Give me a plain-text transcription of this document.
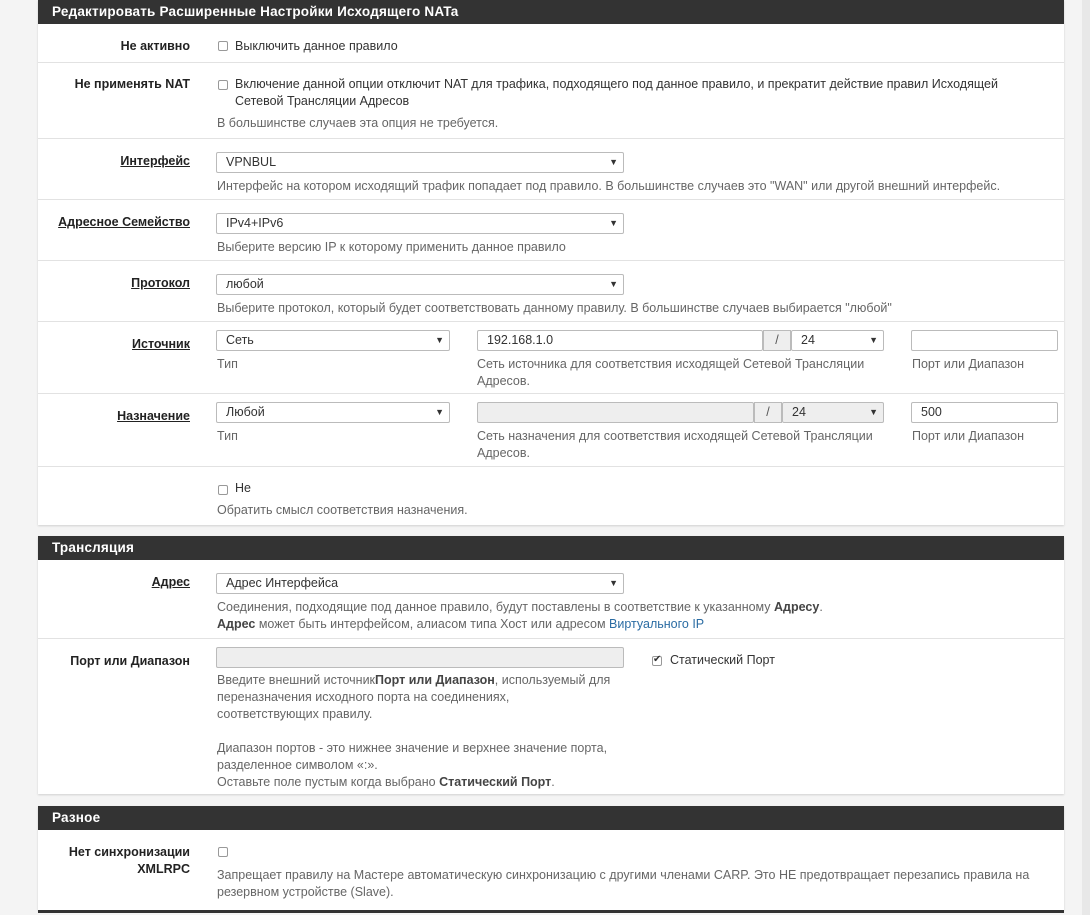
Редактировать Расширенные Настройки Исходящего NATa
Не активно	Выключить данное правило
Не применять NAT	Включение данной опции отключит NAT для трафика, подходящего под данное правило, и прекратит действие правил Исходящей
Сетевой Трансляции Адресов
В большинстве случаев эта опция не требуется.
Интерфейс	VPNBUL	▼
Интерфейс на котором исходящий трафик попадает под правило. В большинстве случаев это "WAN" или другой внешний интерфейс.
Адресное Семейство	IPv4+IPv6	▼
Выберите версию IP к которому применить данное правило
Протокол	любой	▼
Выберите протокол, который будет соответствовать данному правилу. В большинстве случаев выбирается "любой"
Источник	Сеть	▼
Тип
192.168.1.0	/	24	▼
Сеть источника для соответствия исходящей Сетевой Трансляции
Адресов.
Порт или Диапазон
Назначение	Любой	▼
Тип
/	24	▼
Сеть назначения для соответствия исходящей Сетевой Трансляции
Адресов.
500
Порт или Диапазон
Не
Обратить смысл соответствия назначения.
Трансляция
Адрес	Адрес Интерфейса	▼
Соединения, подходящие под данное правило, будут поставлены в соответствие к указанному Адресу.
Адрес может быть интерфейсом, алиасом типа Хост или адресом Виртуального IP
Порт или Диапазон
✔	Статический Порт
Введите внешний источникПорт или Диапазон, используемый для
переназначения исходного порта на соединениях,
соответствующих правилу.
Диапазон портов - это нижнее значение и верхнее значение порта,
разделенное символом «:».
Оставьте поле пустым когда выбрано Статический Порт.
Разное
Нет синхронизации
XMLRPC Запрещает правилу на Мастере автоматическую синхронизацию с другими членами CARP. Это НЕ предотвращает перезапись правила на
резервном устройстве (Slave).
